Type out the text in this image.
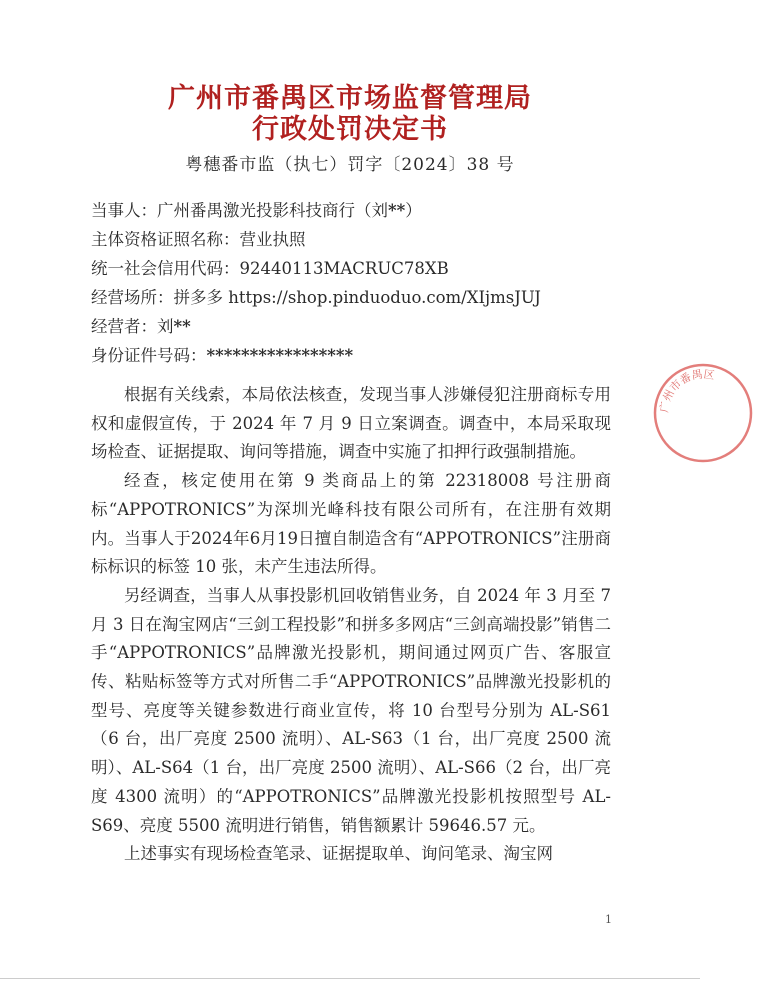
广州市番禺区市场监督管理局
行政处罚决定书
粤穗番市监（执七）罚字〔2024〕38 号
当事人：广州番禺激光投影科技商行（刘**）
主体资格证照名称：营业执照
统一社会信用代码：92440113MACRUC78XB
经营场所：拼多多 https://shop.pinduoduo.com/XIjmsJUJ
经营者：刘**
身份证件号码：*****************

根据有关线索，本局依法核查，发现当事人涉嫌侵犯注册商标专用权和虚假宣传，于 2024 年 7 月 9 日立案调查。调查中，本局采取现场检查、证据提取、询问等措施，调查中实施了扣押行政强制措施。

经查，核定使用在第 9 类商品上的第 22318008 号注册商标“APPOTRONICS”为深圳光峰科技有限公司所有，在注册有效期内。当事人于2024年6月19日擅自制造含有“APPOTRONICS”注册商标标识的标签 10 张，未产生违法所得。

另经调查，当事人从事投影机回收销售业务，自 2024 年 3 月至 7 月 3 日在淘宝网店“三剑工程投影”和拼多多网店“三剑高端投影”销售二手“APPOTRONICS”品牌激光投影机，期间通过网页广告、客服宣传、粘贴标签等方式对所售二手“APPOTRONICS”品牌激光投影机的型号、亮度等关键参数进行商业宣传，将 10 台型号分别为 AL-S61（6 台，出厂亮度 2500 流明）、AL-S63（1 台，出厂亮度 2500 流明）、AL-S64（1 台，出厂亮度 2500 流明）、AL-S66（2 台，出厂亮度 4300 流明）的“APPOTRONICS”品牌激光投影机按照型号 AL-S69、亮度 5500 流明进行销售，销售额累计 59646.57 元。

上述事实有现场检查笔录、证据提取单、询问笔录、淘宝网

广州市番禺区
1
